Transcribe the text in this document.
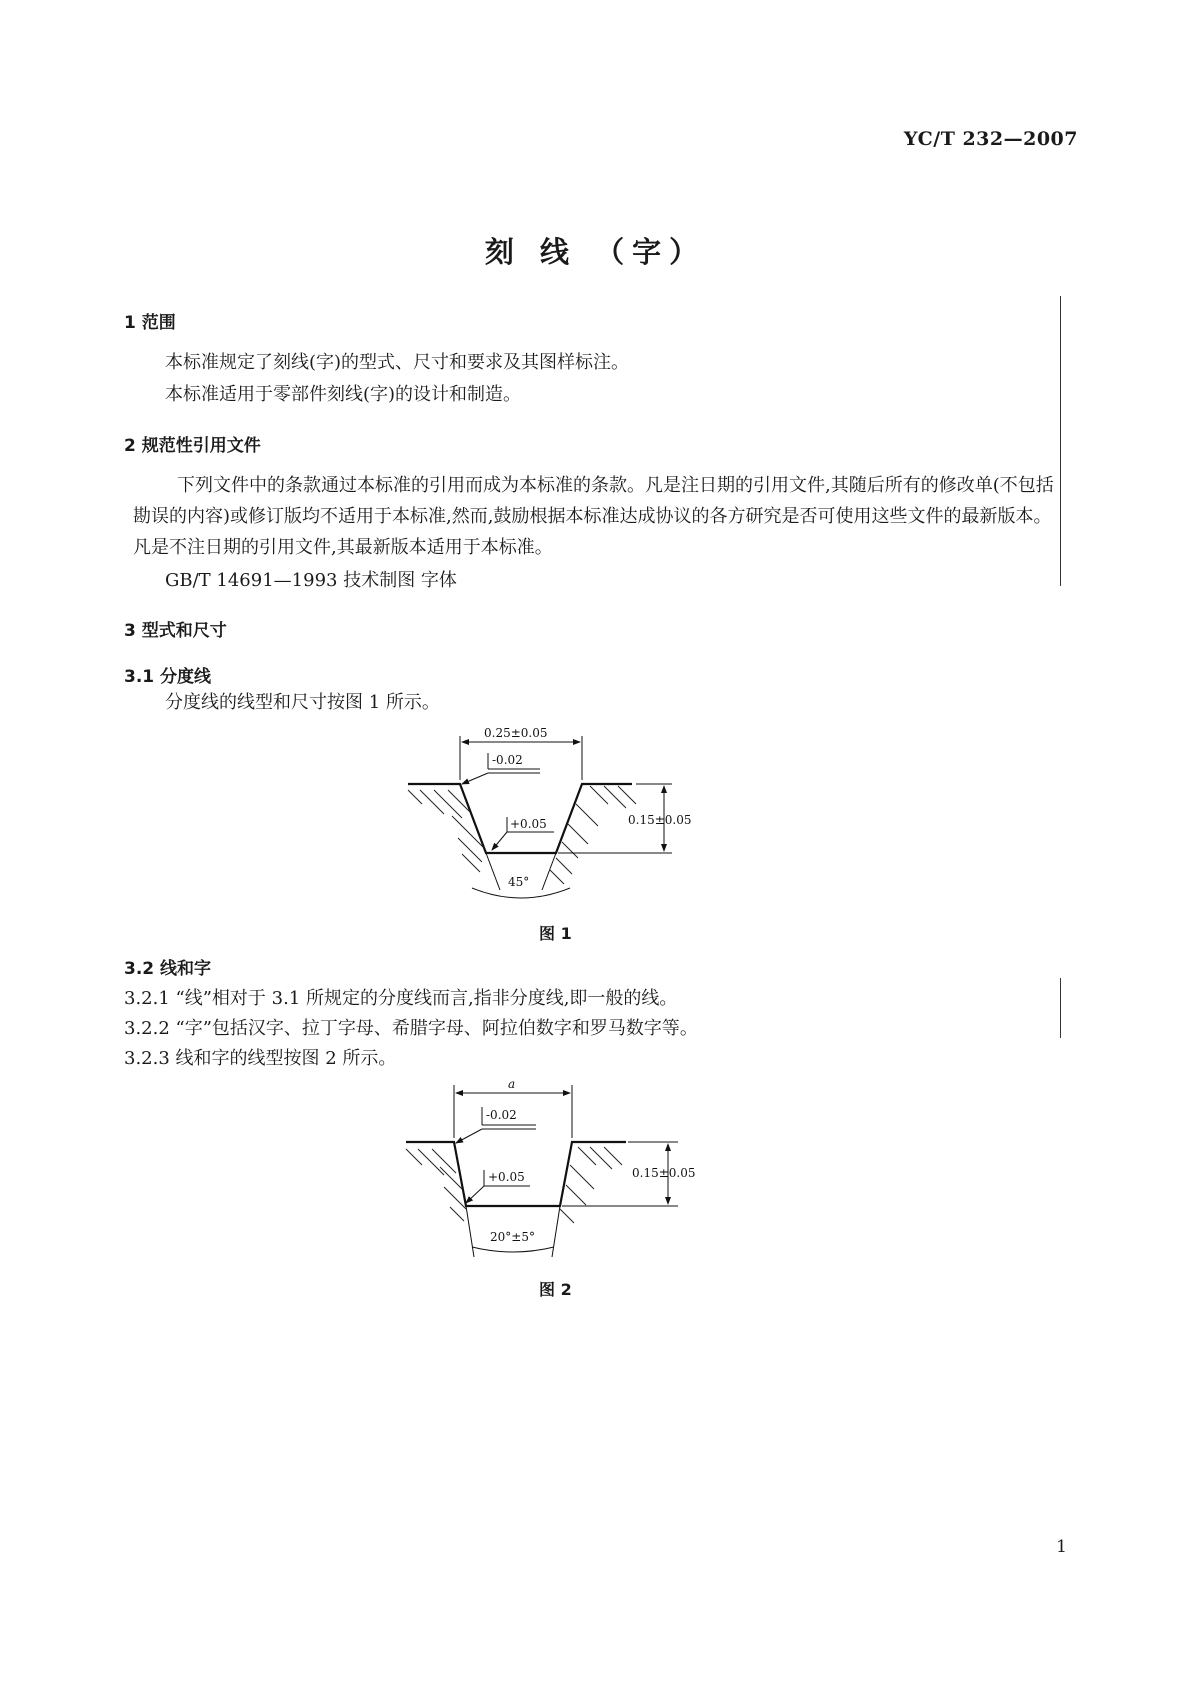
YC/T 232—2007

刻 线 （字）

1 范围

本标准规定了刻线(字)的型式、尺寸和要求及其图样标注。

本标准适用于零部件刻线(字)的设计和制造。

2 规范性引用文件

下列文件中的条款通过本标准的引用而成为本标准的条款。凡是注日期的引用文件,其随后所有的修改单(不包括勘误的内容)或修订版均不适用于本标准,然而,鼓励根据本标准达成协议的各方研究是否可使用这些文件的最新版本。凡是不注日期的引用文件,其最新版本适用于本标准。

GB/T 14691—1993 技术制图 字体

3 型式和尺寸

3.1 分度线

分度线的线型和尺寸按图 1 所示。

0.25±0.05
-0.02
+0.05	0.15±0.05
45°

图 1

3.2 线和字

3.2.1 “线”相对于 3.1 所规定的分度线而言,指非分度线,即一般的线。

3.2.2 “字”包括汉字、拉丁字母、希腊字母、阿拉伯数字和罗马数字等。

3.2.3 线和字的线型按图 2 所示。

a
-0.02
+0.05	0.15±0.05
20°±5°

图 2

1
